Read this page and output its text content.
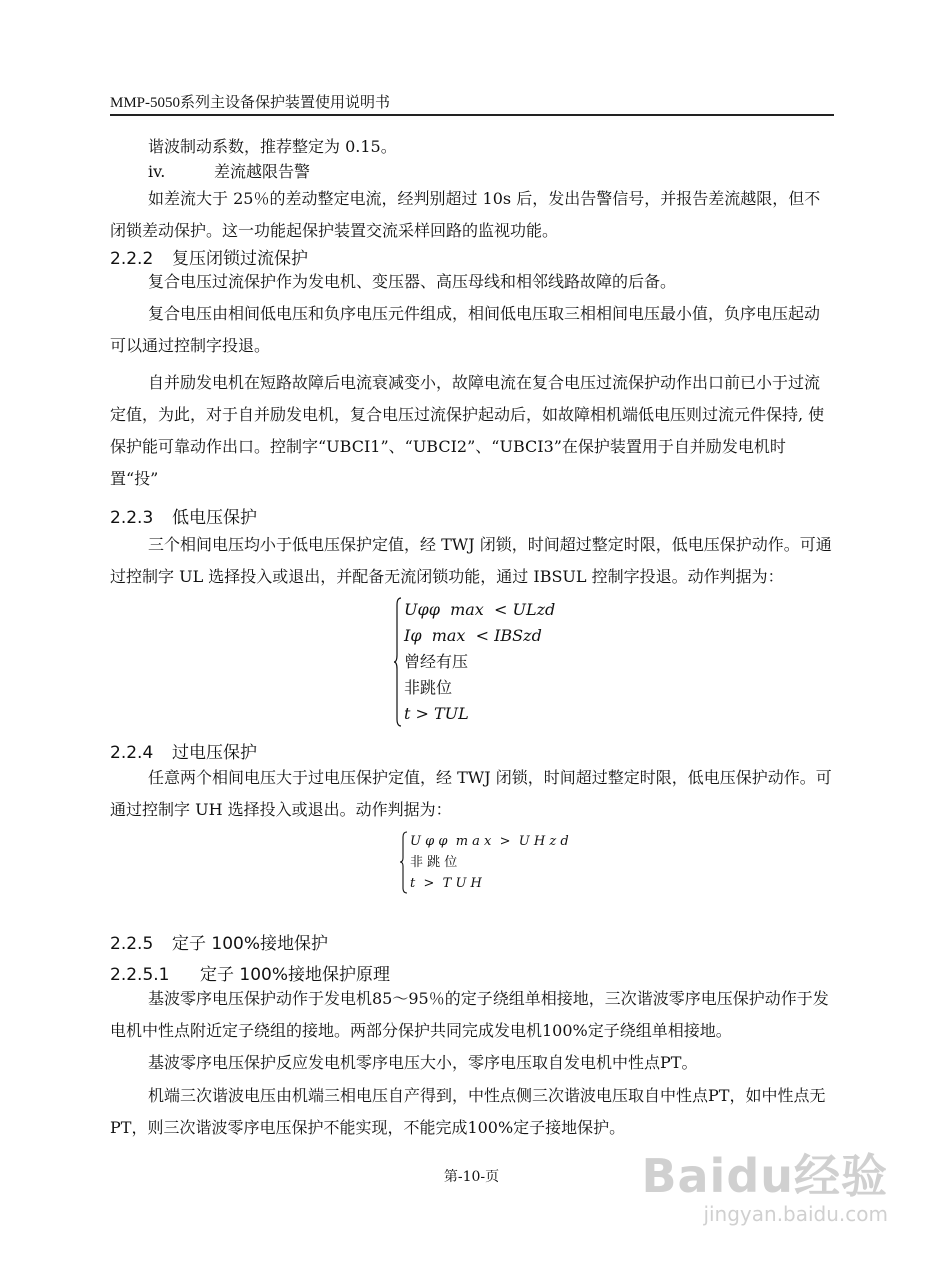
MMP-5050系列主设备保护装置使用说明书
谐波制动系数，推荐整定为 0.15。
iv.	差流越限告警
如差流大于 25％的差动整定电流，经判别超过 10s 后，发出告警信号，并报告差流越限，但不闭锁差动保护。这一功能起保护装置交流采样回路的监视功能。
2.2.2 复压闭锁过流保护
复合电压过流保护作为发电机、变压器、高压母线和相邻线路故障的后备。
复合电压由相间低电压和负序电压元件组成，相间低电压取三相相间电压最小值，负序电压起动可以通过控制字投退。
自并励发电机在短路故障后电流衰减变小，故障电流在复合电压过流保护动作出口前已小于过流定值，为此，对于自并励发电机，复合电压过流保护起动后，如故障相机端低电压则过流元件保持, 使保护能可靠动作出口。控制字“UBCI1”、“UBCI2”、“UBCI3”在保护装置用于自并励发电机时置“投”
2.2.3 低电压保护
三个相间电压均小于低电压保护定值，经 TWJ 闭锁，时间超过整定时限，低电压保护动作。可通过控制字 UL 选择投入或退出，并配备无流闭锁功能，通过 IBSUL 控制字投退。动作判据为：
Uφφ  max  < ULzd
Iφ  max  < IBSzd
曾经有压
非跳位
t > TUL
2.2.4 过电压保护
任意两个相间电压大于过电压保护定值，经 TWJ 闭锁，时间超过整定时限，低电压保护动作。可通过控制字 UH 选择投入或退出。动作判据为：
U φ φ  m a x  >  U H z d
非 跳 位
t  >  T U H
2.2.5 定子 100%接地保护
2.2.5.1 定子 100%接地保护原理
基波零序电压保护动作于发电机85～95％的定子绕组单相接地，三次谐波零序电压保护动作于发电机中性点附近定子绕组的接地。两部分保护共同完成发电机100%定子绕组单相接地。
基波零序电压保护反应发电机零序电压大小，零序电压取自发电机中性点PT。
机端三次谐波电压由机端三相电压自产得到，中性点侧三次谐波电压取自中性点PT，如中性点无PT，则三次谐波零序电压保护不能实现，不能完成100%定子接地保护。
第-10-页	Baidu经验
jingyan.baidu.com
